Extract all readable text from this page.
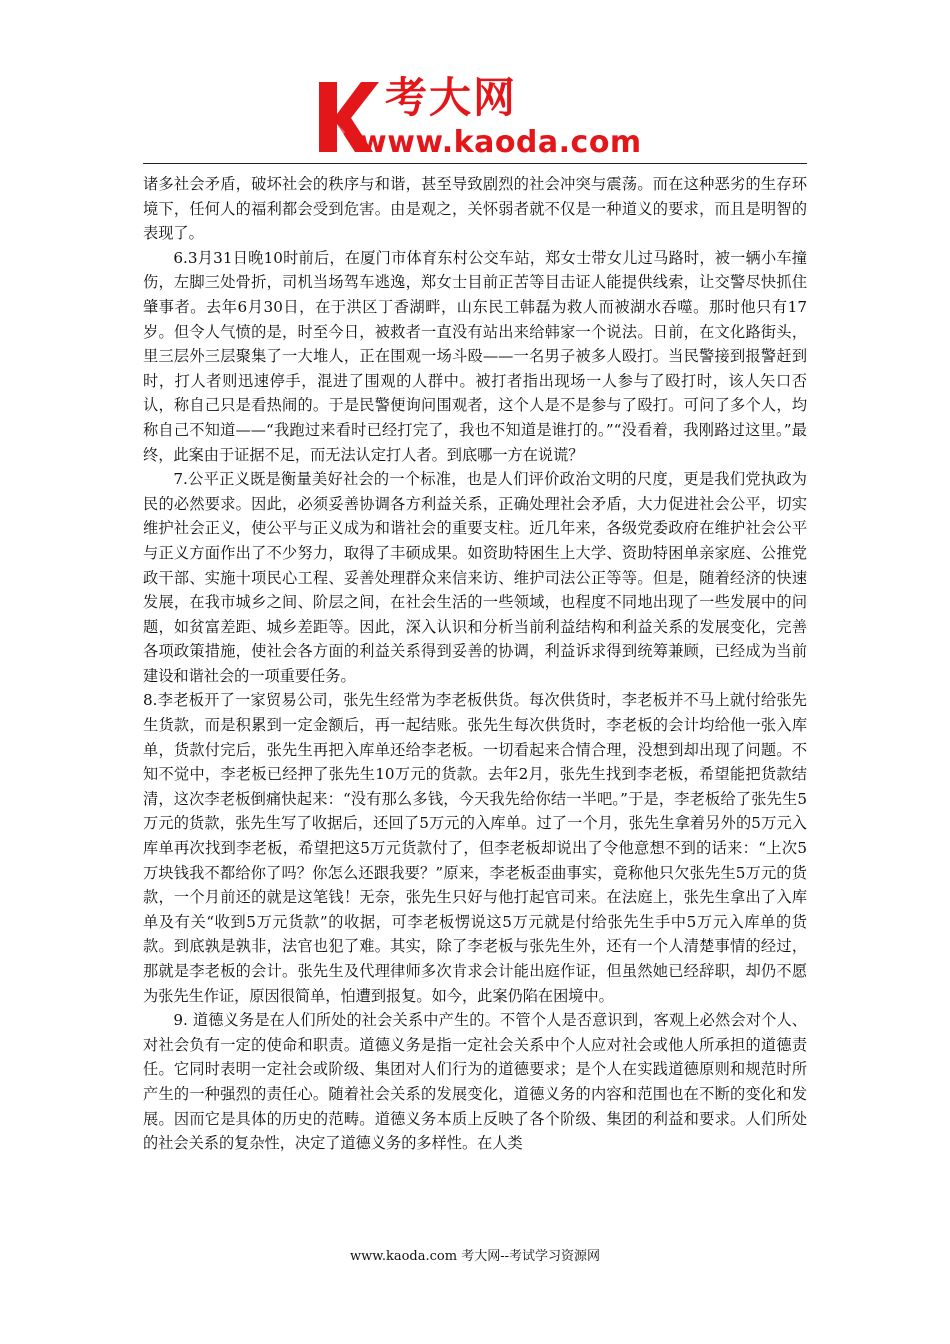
考大网
www.kaoda.com

诸多社会矛盾，破坏社会的秩序与和谐，甚至导致剧烈的社会冲突与震荡。而在这种恶劣的生存环境下，任何人的福利都会受到危害。由是观之，关怀弱者就不仅是一种道义的要求，而且是明智的表现了。

6.3月31日晚10时前后，在厦门市体育东村公交车站，郑女士带女儿过马路时，被一辆小车撞伤，左脚三处骨折，司机当场驾车逃逸，郑女士目前正苦等目击证人能提供线索，让交警尽快抓住肇事者。去年6月30日，在于洪区丁香湖畔，山东民工韩磊为救人而被湖水吞噬。那时他只有17岁。但令人气愤的是，时至今日，被救者一直没有站出来给韩家一个说法。日前，在文化路街头，里三层外三层聚集了一大堆人，正在围观一场斗殴——一名男子被多人殴打。当民警接到报警赶到时，打人者则迅速停手，混进了围观的人群中。被打者指出现场一人参与了殴打时，该人矢口否认，称自己只是看热闹的。于是民警便询问围观者，这个人是不是参与了殴打。可问了多个人，均称自己不知道——“我跑过来看时已经打完了，我也不知道是谁打的。”“没看着，我刚路过这里。”最终，此案由于证据不足，而无法认定打人者。到底哪一方在说谎？

7.公平正义既是衡量美好社会的一个标准，也是人们评价政治文明的尺度，更是我们党执政为民的必然要求。因此，必须妥善协调各方利益关系，正确处理社会矛盾，大力促进社会公平，切实维护社会正义，使公平与正义成为和谐社会的重要支柱。近几年来，各级党委政府在维护社会公平与正义方面作出了不少努力，取得了丰硕成果。如资助特困生上大学、资助特困单亲家庭、公推党政干部、实施十项民心工程、妥善处理群众来信来访、维护司法公正等等。但是，随着经济的快速发展，在我市城乡之间、阶层之间，在社会生活的一些领域，也程度不同地出现了一些发展中的问题，如贫富差距、城乡差距等。因此，深入认识和分析当前利益结构和利益关系的发展变化，完善各项政策措施，使社会各方面的利益关系得到妥善的协调，利益诉求得到统筹兼顾，已经成为当前建设和谐社会的一项重要任务。

8.李老板开了一家贸易公司，张先生经常为李老板供货。每次供货时，李老板并不马上就付给张先生货款，而是积累到一定金额后，再一起结账。张先生每次供货时，李老板的会计均给他一张入库单，货款付完后，张先生再把入库单还给李老板。一切看起来合情合理，没想到却出现了问题。不知不觉中，李老板已经押了张先生10万元的货款。去年2月，张先生找到李老板，希望能把货款结清，这次李老板倒痛快起来：“没有那么多钱，今天我先给你结一半吧。”于是，李老板给了张先生5万元的货款，张先生写了收据后，还回了5万元的入库单。过了一个月，张先生拿着另外的5万元入库单再次找到李老板，希望把这5万元货款付了，但李老板却说出了令他意想不到的话来：“上次5万块钱我不都给你了吗？你怎么还跟我要？”原来，李老板歪曲事实，竟称他只欠张先生5万元的货款，一个月前还的就是这笔钱！无奈，张先生只好与他打起官司来。在法庭上，张先生拿出了入库单及有关“收到5万元货款”的收据，可李老板愣说这5万元就是付给张先生手中5万元入库单的货款。到底孰是孰非，法官也犯了难。其实，除了李老板与张先生外，还有一个人清楚事情的经过，那就是李老板的会计。张先生及代理律师多次肯求会计能出庭作证，但虽然她已经辞职，却仍不愿为张先生作证，原因很简单，怕遭到报复。如今，此案仍陷在困境中。

9. 道德义务是在人们所处的社会关系中产生的。不管个人是否意识到，客观上必然会对个人、对社会负有一定的使命和职责。道德义务是指一定社会关系中个人应对社会或他人所承担的道德责任。它同时表明一定社会或阶级、集团对人们行为的道德要求；是个人在实践道德原则和规范时所产生的一种强烈的责任心。随着社会关系的发展变化，道德义务的内容和范围也在不断的变化和发展。因而它是具体的历史的范畴。道德义务本质上反映了各个阶级、集团的利益和要求。人们所处的社会关系的复杂性，决定了道德义务的多样性。在人类

www.kaoda.com 考大网--考试学习资源网
